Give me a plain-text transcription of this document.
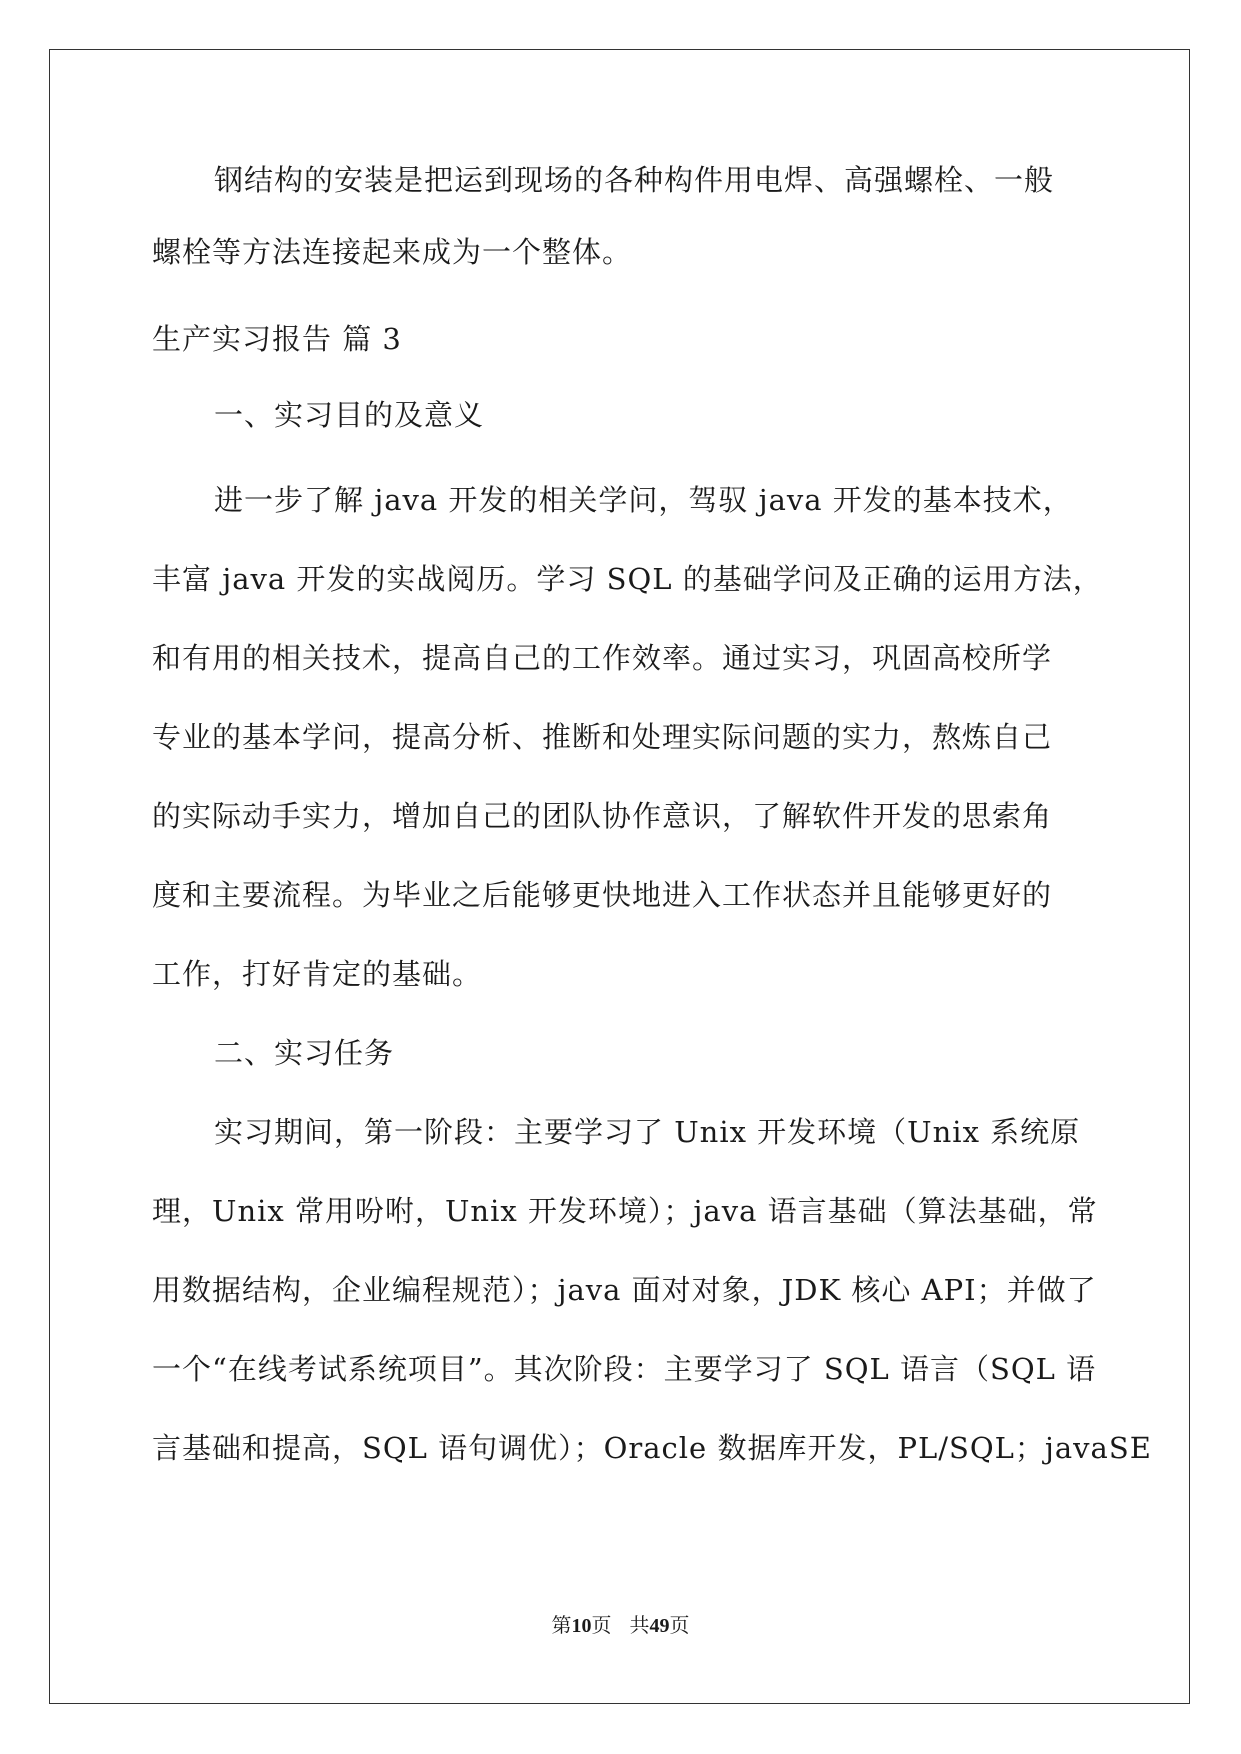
钢结构的安装是把运到现场的各种构件用电焊、高强螺栓、一般
螺栓等方法连接起来成为一个整体。
生产实习报告 篇 3
一、实习目的及意义
进一步了解 java 开发的相关学问，驾驭 java 开发的基本技术，
丰富 java 开发的实战阅历。学习 SQL 的基础学问及正确的运用方法，
和有用的相关技术，提高自己的工作效率。通过实习，巩固高校所学
专业的基本学问，提高分析、推断和处理实际问题的实力，熬炼自己
的实际动手实力，增加自己的团队协作意识，了解软件开发的思索角
度和主要流程。为毕业之后能够更快地进入工作状态并且能够更好的
工作，打好肯定的基础。
二、实习任务
实习期间，第一阶段：主要学习了 Unix 开发环境（Unix 系统原
理，Unix 常用吩咐，Unix 开发环境）；java 语言基础（算法基础，常
用数据结构，企业编程规范）；java 面对对象，JDK 核心 API；并做了
一个“在线考试系统项目”。其次阶段：主要学习了 SQL 语言（SQL 语
言基础和提高，SQL 语句调优）；Oracle 数据库开发，PL/SQL；javaSE
第10页 共49页
